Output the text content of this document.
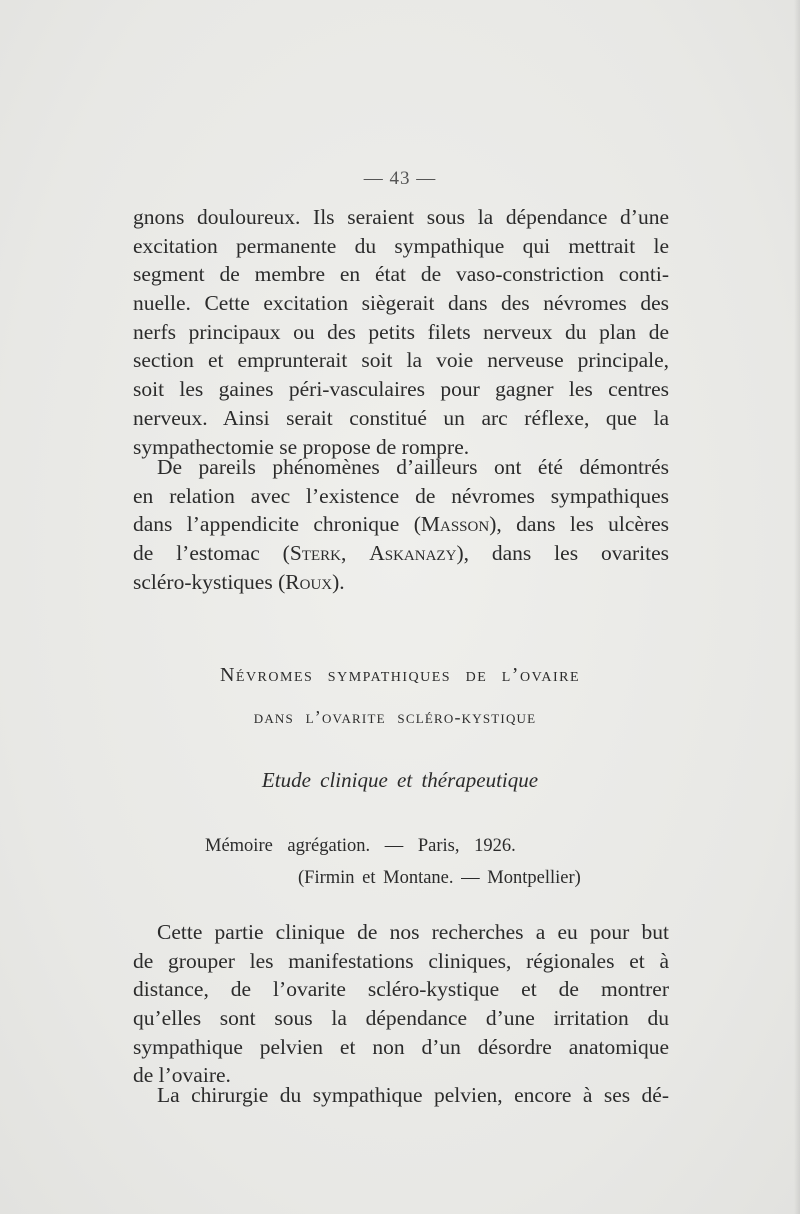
— 43 —
gnons douloureux. Ils seraient sous la dépendance d’une
excitation permanente du sympathique qui mettrait le
segment de membre en état de vaso-constriction conti-
nuelle. Cette excitation siègerait dans des névromes des
nerfs principaux ou des petits filets nerveux du plan de
section et emprunterait soit la voie nerveuse principale,
soit les gaines péri-vasculaires pour gagner les centres
nerveux. Ainsi serait constitué un arc réflexe, que la
sympathectomie se propose de rompre.
De pareils phénomènes d’ailleurs ont été démontrés
en relation avec l’existence de névromes sympathiques
dans l’appendicite chronique (Masson), dans les ulcères
de l’estomac (Sterk, Askanazy), dans les ovarites
scléro-kystiques (Roux).
Névromes sympathiques de l’ovaire
dans l’ovarite scléro-kystique
Etude clinique et thérapeutique
Mémoire agrégation. — Paris, 1926.
(Firmin et Montane. — Montpellier)
Cette partie clinique de nos recherches a eu pour but
de grouper les manifestations cliniques, régionales et à
distance, de l’ovarite scléro-kystique et de montrer
qu’elles sont sous la dépendance d’une irritation du
sympathique pelvien et non d’un désordre anatomique
de l’ovaire.
La chirurgie du sympathique pelvien, encore à ses dé-
